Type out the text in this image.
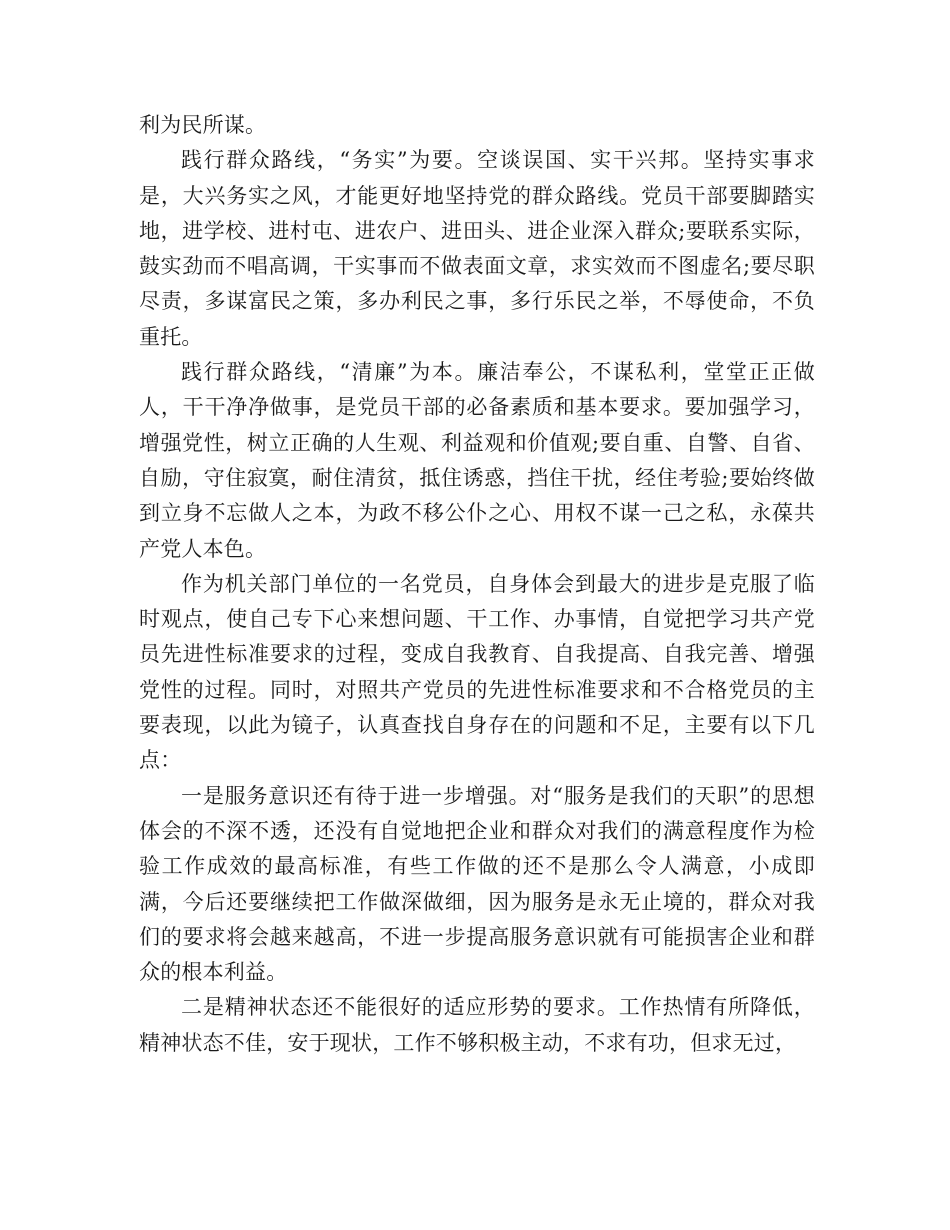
利为民所谋。

践行群众路线，“务实”为要。空谈误国、实干兴邦。坚持实事求是，大兴务实之风，才能更好地坚持党的群众路线。党员干部要脚踏实地，进学校、进村屯、进农户、进田头、进企业深入群众;要联系实际，鼓实劲而不唱高调，干实事而不做表面文章，求实效而不图虚名;要尽职尽责，多谋富民之策，多办利民之事，多行乐民之举，不辱使命，不负重托。

践行群众路线，“清廉”为本。廉洁奉公，不谋私利，堂堂正正做人，干干净净做事，是党员干部的必备素质和基本要求。要加强学习，增强党性，树立正确的人生观、利益观和价值观;要自重、自警、自省、自励，守住寂寞，耐住清贫，抵住诱惑，挡住干扰，经住考验;要始终做到立身不忘做人之本，为政不移公仆之心、用权不谋一己之私，永葆共产党人本色。

作为机关部门单位的一名党员，自身体会到最大的进步是克服了临时观点，使自己专下心来想问题、干工作、办事情，自觉把学习共产党员先进性标准要求的过程，变成自我教育、自我提高、自我完善、增强党性的过程。同时，对照共产党员的先进性标准要求和不合格党员的主要表现，以此为镜子，认真查找自身存在的问题和不足，主要有以下几点：

一是服务意识还有待于进一步增强。对“服务是我们的天职”的思想体会的不深不透，还没有自觉地把企业和群众对我们的满意程度作为检验工作成效的最高标准，有些工作做的还不是那么令人满意，小成即满，今后还要继续把工作做深做细，因为服务是永无止境的，群众对我们的要求将会越来越高，不进一步提高服务意识就有可能损害企业和群众的根本利益。

二是精神状态还不能很好的适应形势的要求。工作热情有所降低，精神状态不佳，安于现状，工作不够积极主动，不求有功，但求无过，
